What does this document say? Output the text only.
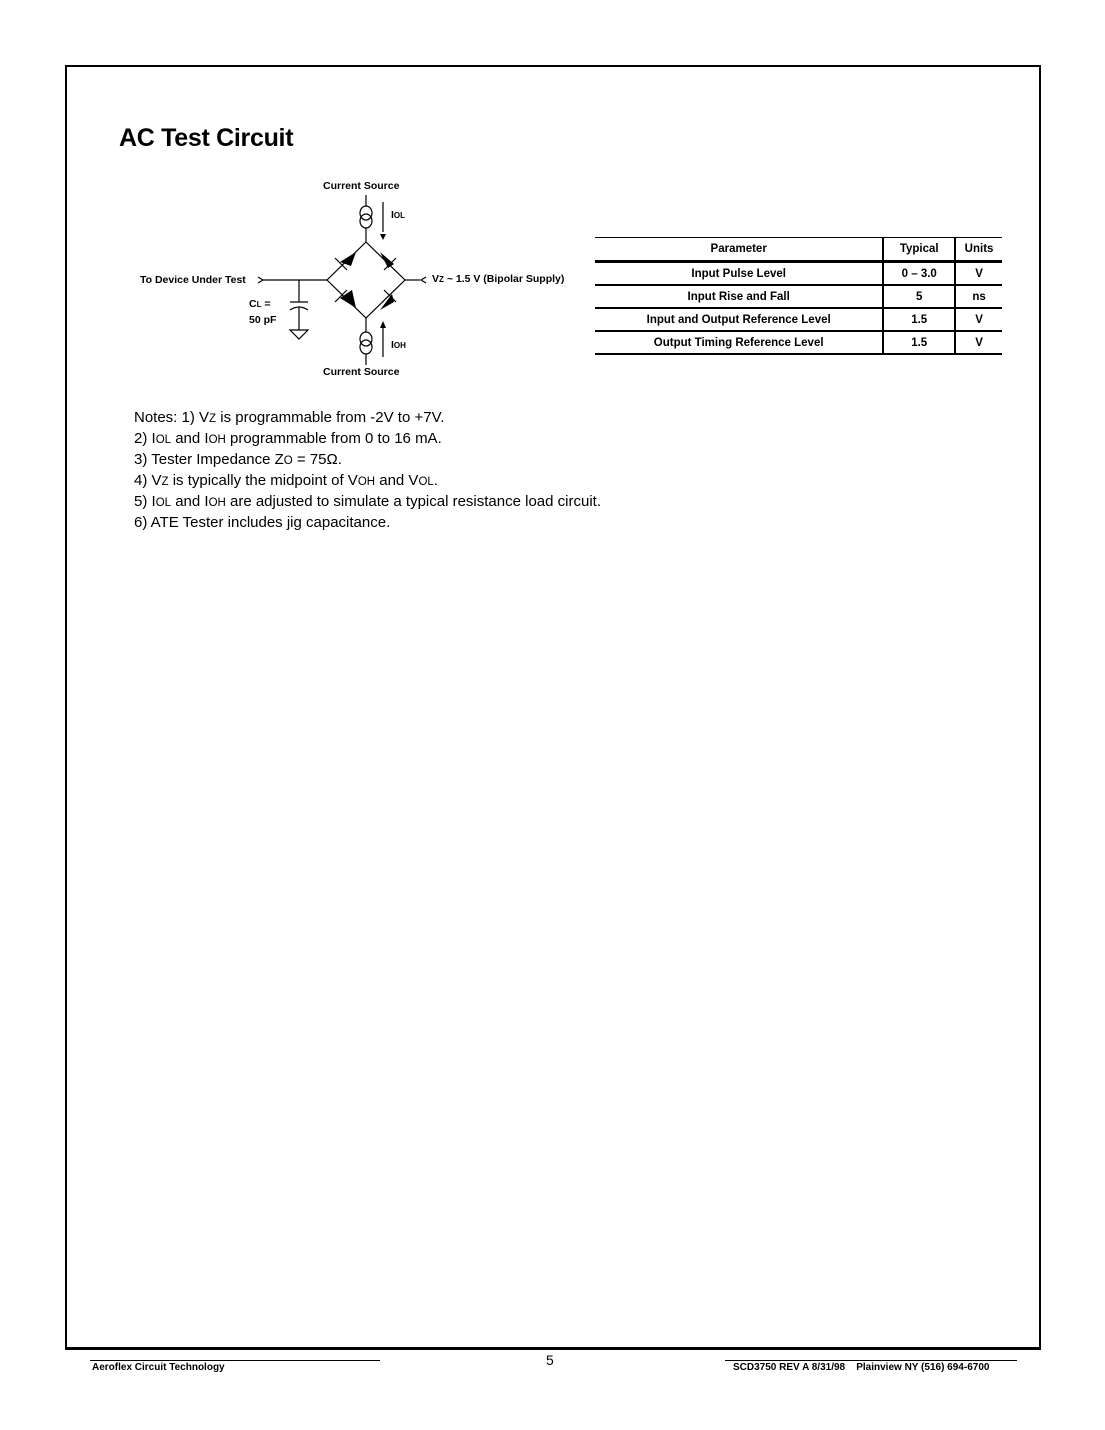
AC Test Circuit
Current Source
IOL
To Device Under Test	VZ ~ 1.5 V (Bipolar Supply)
CL =
50 pF
IOH
Current Source
Parameter	Typical	Units
Input Pulse Level	0 – 3.0	V
Input Rise and Fall	5	ns
Input and Output Reference Level	1.5	V
Output Timing Reference Level	1.5	V
Notes: 1) VZ is programmable from -2V to +7V.
2) IOL and IOH programmable from 0 to 16 mA.
3) Tester Impedance ZO = 75Ω.
4) VZ is typically the midpoint of VOH and VOL.
5) IOL and IOH are adjusted to simulate a typical resistance load circuit.
6) ATE Tester includes jig capacitance.
Aeroflex Circuit Technology	5	SCD3750 REV A 8/31/98    Plainview NY (516) 694-6700
